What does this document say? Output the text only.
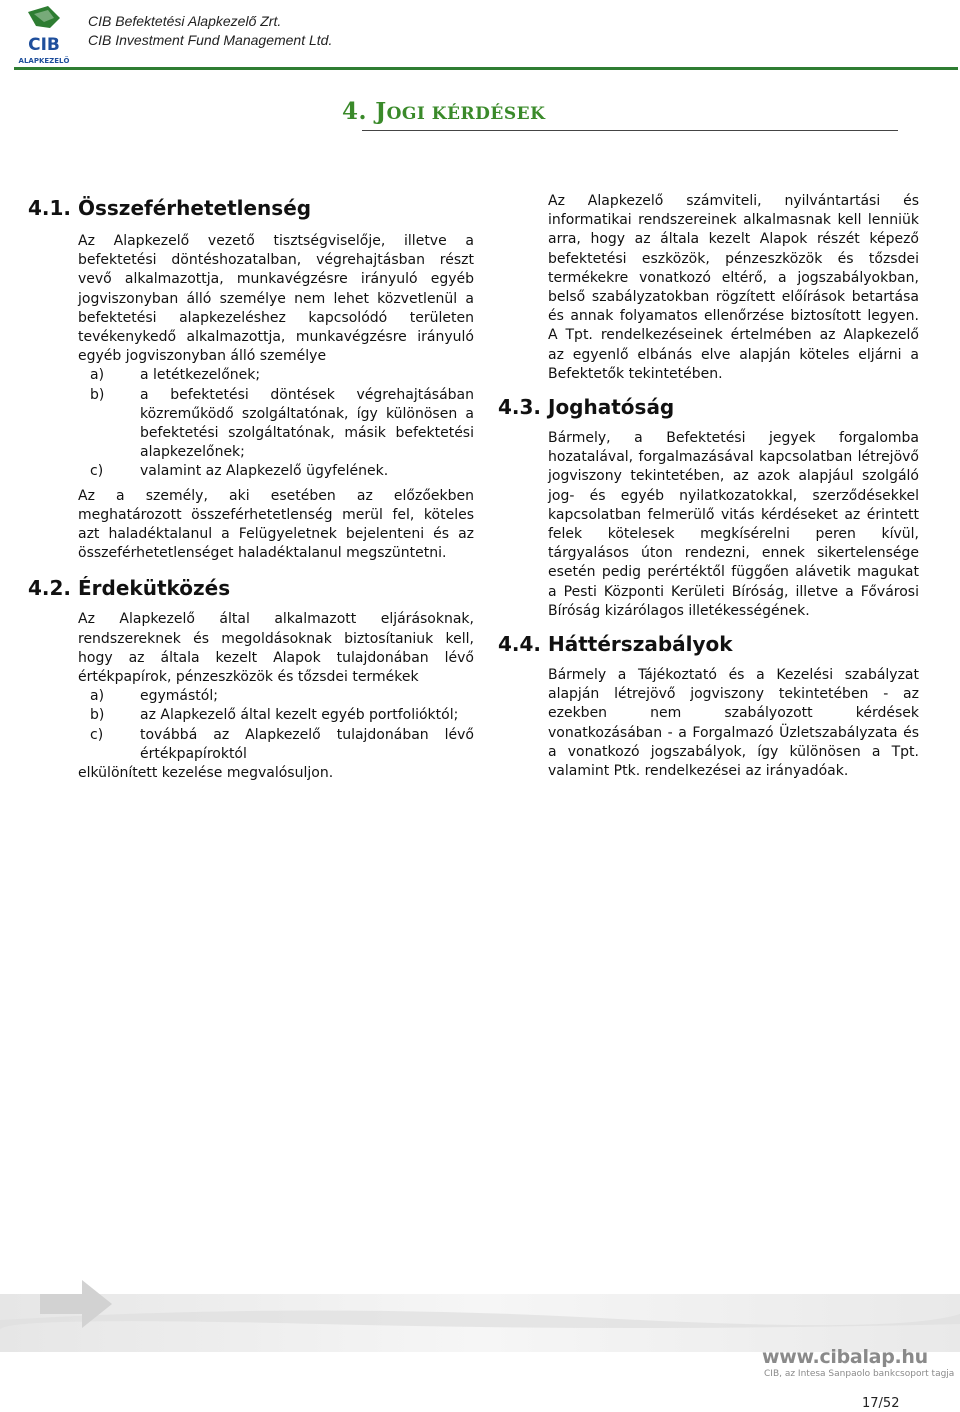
CIB
ALAPKEZELŐ
CIB Befektetési Alapkezelő Zrt.
CIB Investment Fund Management Ltd.
4. JOGI KÉRDÉSEK
4.1. Összeférhetetlenség

Az Alapkezelő vezető tisztségviselője, illetve a befektetési döntéshozatalban, végrehajtásban részt vevő alkalmazottja, munkavégzésre irányuló egyéb jogviszonyban álló személye nem lehet közvetlenül a befektetési alapkezeléshez kapcsolódó területen tevékenykedő alkalmazottja, munkavégzésre irányuló egyéb jogviszonyban álló személye

a)	a letétkezelőnek;
b)	a befektetési döntések végrehajtásában közreműködő szolgáltatónak, így különösen a befektetési szolgáltatónak, másik befektetési alapkezelőnek;
c)	valamint az Alapkezelő ügyfelének.

Az a személy, aki esetében az előzőekben meghatározott összeférhetetlenség merül fel, köteles azt haladéktalanul a Felügyeletnek bejelenteni és az összeférhetetlenséget haladéktalanul megszüntetni.

4.2. Érdekütközés

Az Alapkezelő által alkalmazott eljárásoknak, rendszereknek és megoldásoknak biztosítaniuk kell, hogy az általa kezelt Alapok tulajdonában lévő értékpapírok, pénzeszközök és tőzsdei termékek

a)	egymástól;
b)	az Alapkezelő által kezelt egyéb portfolióktól;
c)	továbbá az Alapkezelő tulajdonában lévő értékpapíroktól

elkülönített kezelése megvalósuljon.

Az Alapkezelő számviteli, nyilvántartási és informatikai rendszereinek alkalmasnak kell lenniük arra, hogy az általa kezelt Alapok részét képező befektetési eszközök, pénzeszközök és tőzsdei termékekre vonatkozó eltérő, a jogszabályokban, belső szabályzatokban rögzített előírások betartása és annak folyamatos ellenőrzése biztosított legyen. A Tpt. rendelkezéseinek értelmében az Alapkezelő az egyenlő elbánás elve alapján köteles eljárni a Befektetők tekintetében.

4.3. Joghatóság

Bármely, a Befektetési jegyek forgalomba hozatalával, forgalmazásával kapcsolatban létrejövő jogviszony tekintetében, az azok alapjául szolgáló jog- és egyéb nyilatkozatokkal, szerződésekkel kapcsolatban felmerülő vitás kérdéseket az érintett felek kötelesek megkísérelni peren kívül, tárgyalásos úton rendezni, ennek sikertelensége esetén pedig perértéktől függően alávetik magukat a Pesti Központi Kerületi Bíróság, illetve a Fővárosi Bíróság kizárólagos illetékességének.

4.4. Háttérszabályok

Bármely a Tájékoztató és a Kezelési szabályzat alapján létrejövő jogviszony tekintetében - az ezekben nem szabályozott kérdések vonatkozásában - a Forgalmazó Üzletszabályzata és a vonatkozó jogszabályok, így különösen a Tpt. valamint Ptk. rendelkezései az irányadóak.

www.cibalap.hu
CIB, az Intesa Sanpaolo bankcsoport tagja
17/52
